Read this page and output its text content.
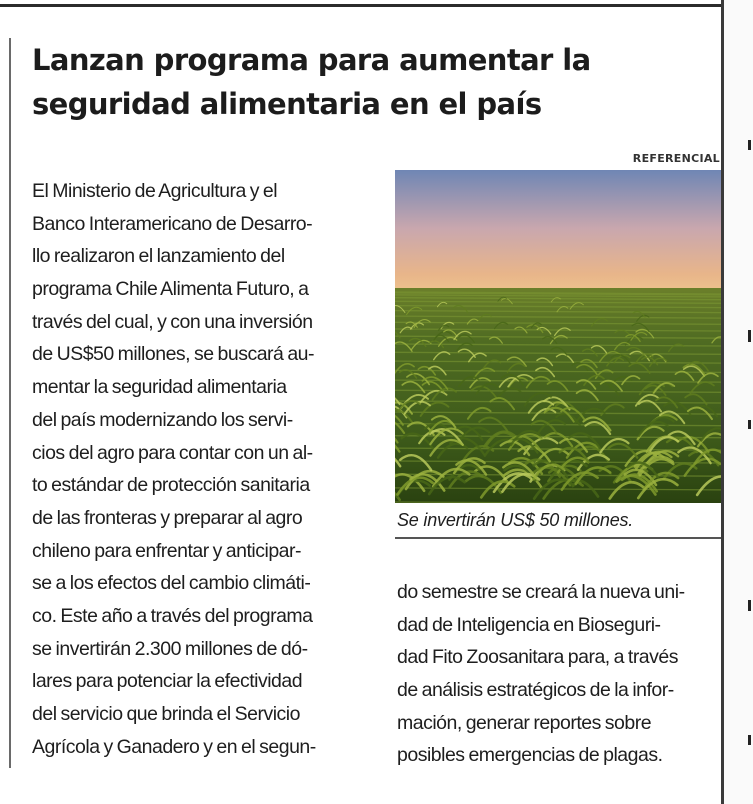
Lanzan programa para aumentar la
seguridad alimentaria en el país
REFERENCIAL
Se invertirán US$ 50 millones.
El Ministerio de Agricultura y el
Banco Interamericano de Desarro-
llo realizaron el lanzamiento del
programa Chile Alimenta Futuro, a
través del cual, y con una inversión
de US$50 millones, se buscará au-
mentar la seguridad alimentaria
del país modernizando los servi-
cios del agro para contar con un al-
to estándar de protección sanitaria
de las fronteras y preparar al agro
chileno para enfrentar y anticipar-
se a los efectos del cambio climáti-
co. Este año a través del programa
se invertirán 2.300 millones de dó-
lares para potenciar la efectividad
del servicio que brinda el Servicio
Agrícola y Ganadero y en el segun-
do semestre se creará la nueva uni-
dad de Inteligencia en Bioseguri-
dad Fito Zoosanitara para, a través
de análisis estratégicos de la infor-
mación, generar reportes sobre
posibles emergencias de plagas.
